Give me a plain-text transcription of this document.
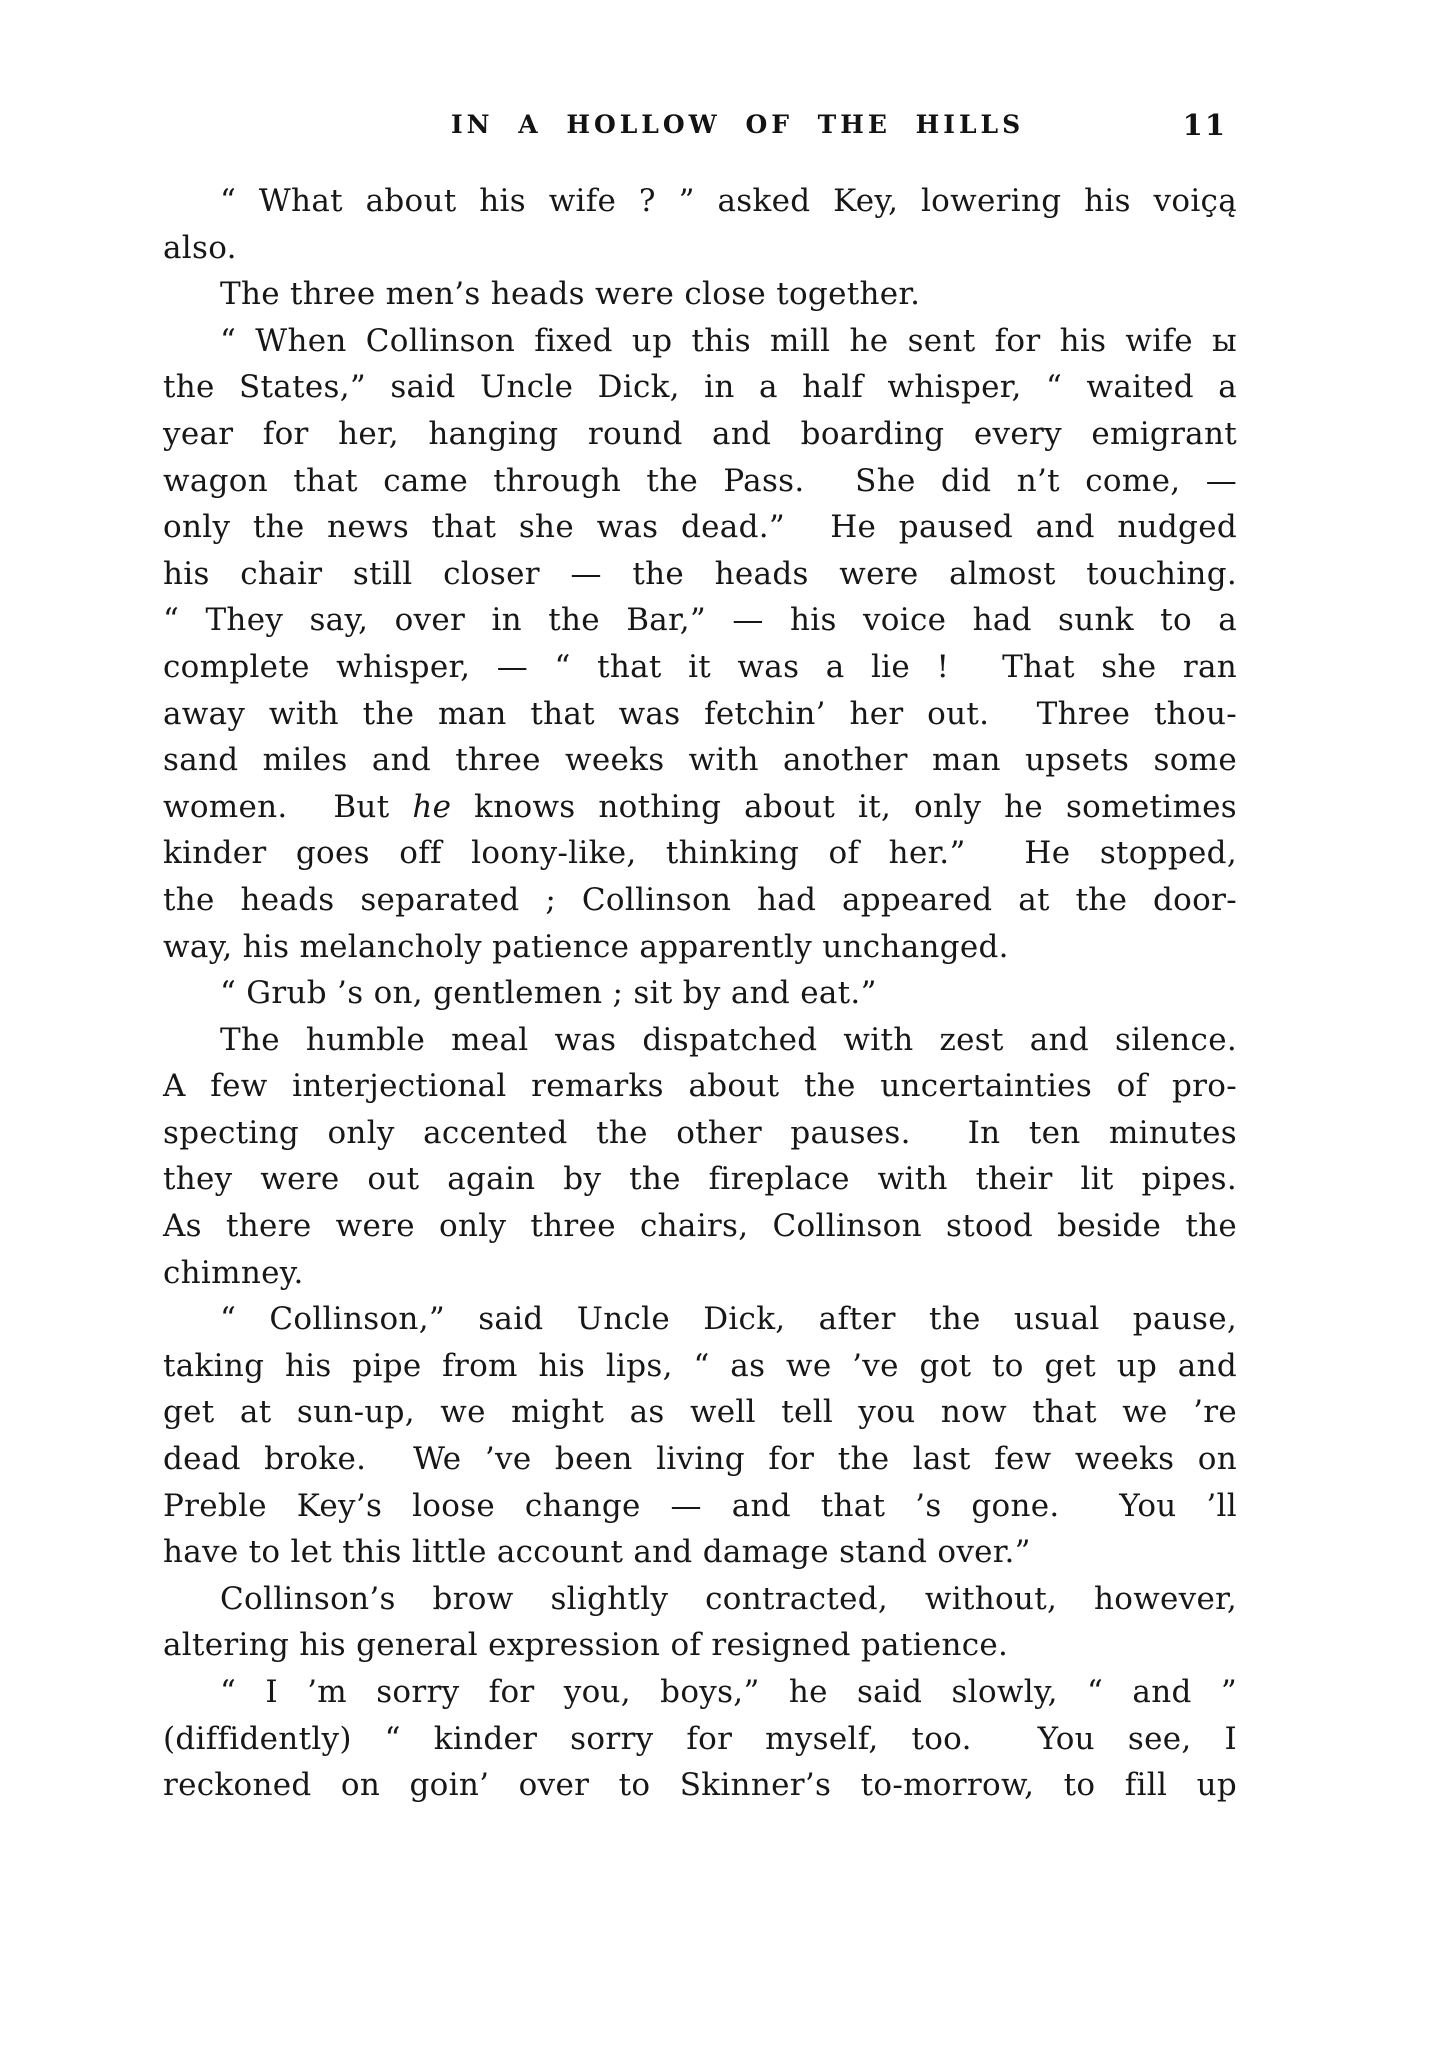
IN A HOLLOW OF THE HILLS	11
“ What about his wife ? ” asked Key, lowering his voiçą
also.
The three men’s heads were close together.
“ When Collinson fixed up this mill he sent for his wife ы
the States,” said Uncle Dick, in a half whisper, “ waited a
year for her, hanging round and boarding every emigrant
wagon that came through the Pass.  She did n’t come, —
only the news that she was dead.”  He paused and nudged
his chair still closer — the heads were almost touching.
“ They say, over in the Bar,” — his voice had sunk to a
complete whisper, — “ that it was a lie !  That she ran
away with the man that was fetchin’ her out.  Three thou-
sand miles and three weeks with another man upsets some
women.  But he knows nothing about it, only he sometimes
kinder goes off loony-like, thinking of her.”  He stopped,
the heads separated ; Collinson had appeared at the door-
way, his melancholy patience apparently unchanged.
“ Grub ’s on, gentlemen ; sit by and eat.”
The humble meal was dispatched with zest and silence.
A few interjectional remarks about the uncertainties of pro-
specting only accented the other pauses.  In ten minutes
they were out again by the fireplace with their lit pipes.
As there were only three chairs, Collinson stood beside the
chimney.
“ Collinson,” said Uncle Dick, after the usual pause,
taking his pipe from his lips, “ as we ’ve got to get up and
get at sun-up, we might as well tell you now that we ’re
dead broke.  We ’ve been living for the last few weeks on
Preble Key’s loose change — and that ’s gone.  You ’ll
have to let this little account and damage stand over.”
Collinson’s brow slightly contracted, without, however,
altering his general expression of resigned patience.
“ I ’m sorry for you, boys,” he said slowly, “ and ”
(diffidently) “ kinder sorry for myself, too.  You see, I
reckoned on goin’ over to Skinner’s to-morrow, to fill up
